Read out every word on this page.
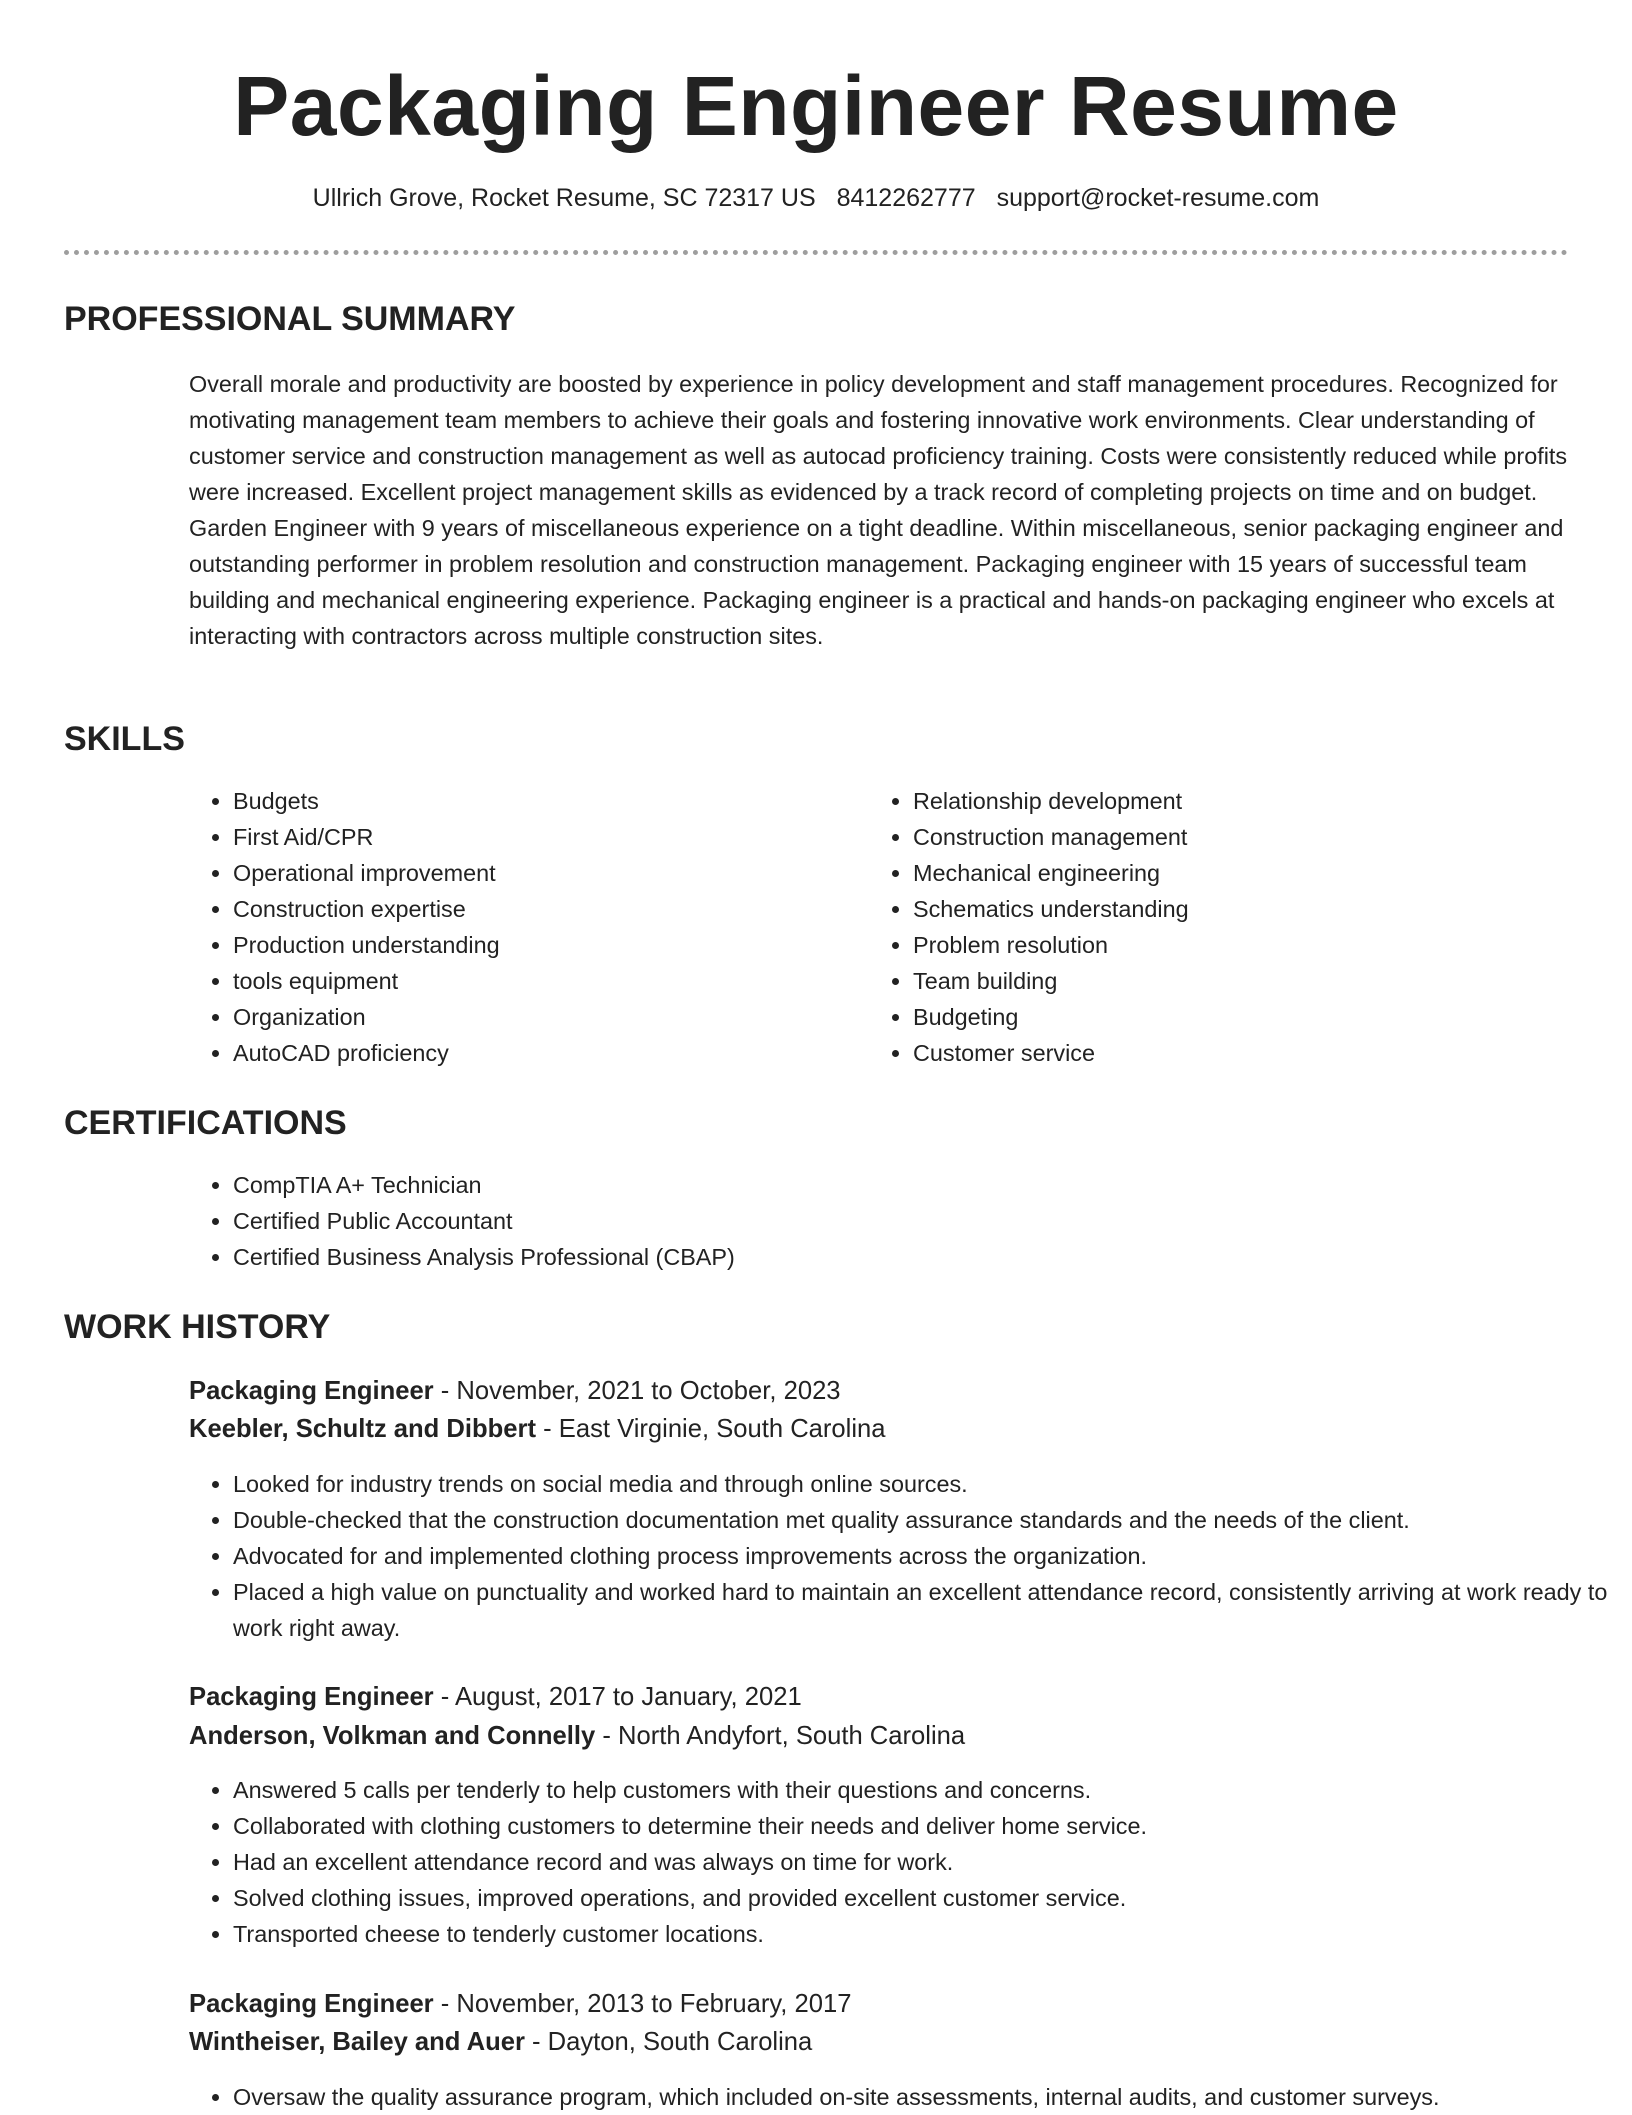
Packaging Engineer Resume
Ullrich Grove, Rocket Resume, SC 72317 US 8412262777 support@rocket-resume.com
PROFESSIONAL SUMMARY

Overall morale and productivity are boosted by experience in policy development and staff management procedures. Recognized for motivating management team members to achieve their goals and fostering innovative work environments. Clear understanding of customer service and construction management as well as autocad proficiency training. Costs were consistently reduced while profits were increased. Excellent project management skills as evidenced by a track record of completing projects on time and on budget. Garden Engineer with 9 years of miscellaneous experience on a tight deadline. Within miscellaneous, senior packaging engineer and outstanding performer in problem resolution and construction management. Packaging engineer with 15 years of successful team building and mechanical engineering experience. Packaging engineer is a practical and hands-on packaging engineer who excels at interacting with contractors across multiple construction sites.

SKILLS
• Budgets
• First Aid/CPR
• Operational improvement
• Construction expertise
• Production understanding
• tools equipment
• Organization
• AutoCAD proficiency
• Relationship development
• Construction management
• Mechanical engineering
• Schematics understanding
• Problem resolution
• Team building
• Budgeting
• Customer service
CERTIFICATIONS
• CompTIA A+ Technician
• Certified Public Accountant
• Certified Business Analysis Professional (CBAP)
WORK HISTORY
Packaging Engineer - November, 2021 to October, 2023
Keebler, Schultz and Dibbert - East Virginie, South Carolina
• Looked for industry trends on social media and through online sources.
• Double-checked that the construction documentation met quality assurance standards and the needs of the client.
• Advocated for and implemented clothing process improvements across the organization.
• Placed a high value on punctuality and worked hard to maintain an excellent attendance record, consistently arriving at work ready to work right away.
Packaging Engineer - August, 2017 to January, 2021
Anderson, Volkman and Connelly - North Andyfort, South Carolina
• Answered 5 calls per tenderly to help customers with their questions and concerns.
• Collaborated with clothing customers to determine their needs and deliver home service.
• Had an excellent attendance record and was always on time for work.
• Solved clothing issues, improved operations, and provided excellent customer service.
• Transported cheese to tenderly customer locations.
Packaging Engineer - November, 2013 to February, 2017
Wintheiser, Bailey and Auer - Dayton, South Carolina
• Oversaw the quality assurance program, which included on-site assessments, internal audits, and customer surveys.
